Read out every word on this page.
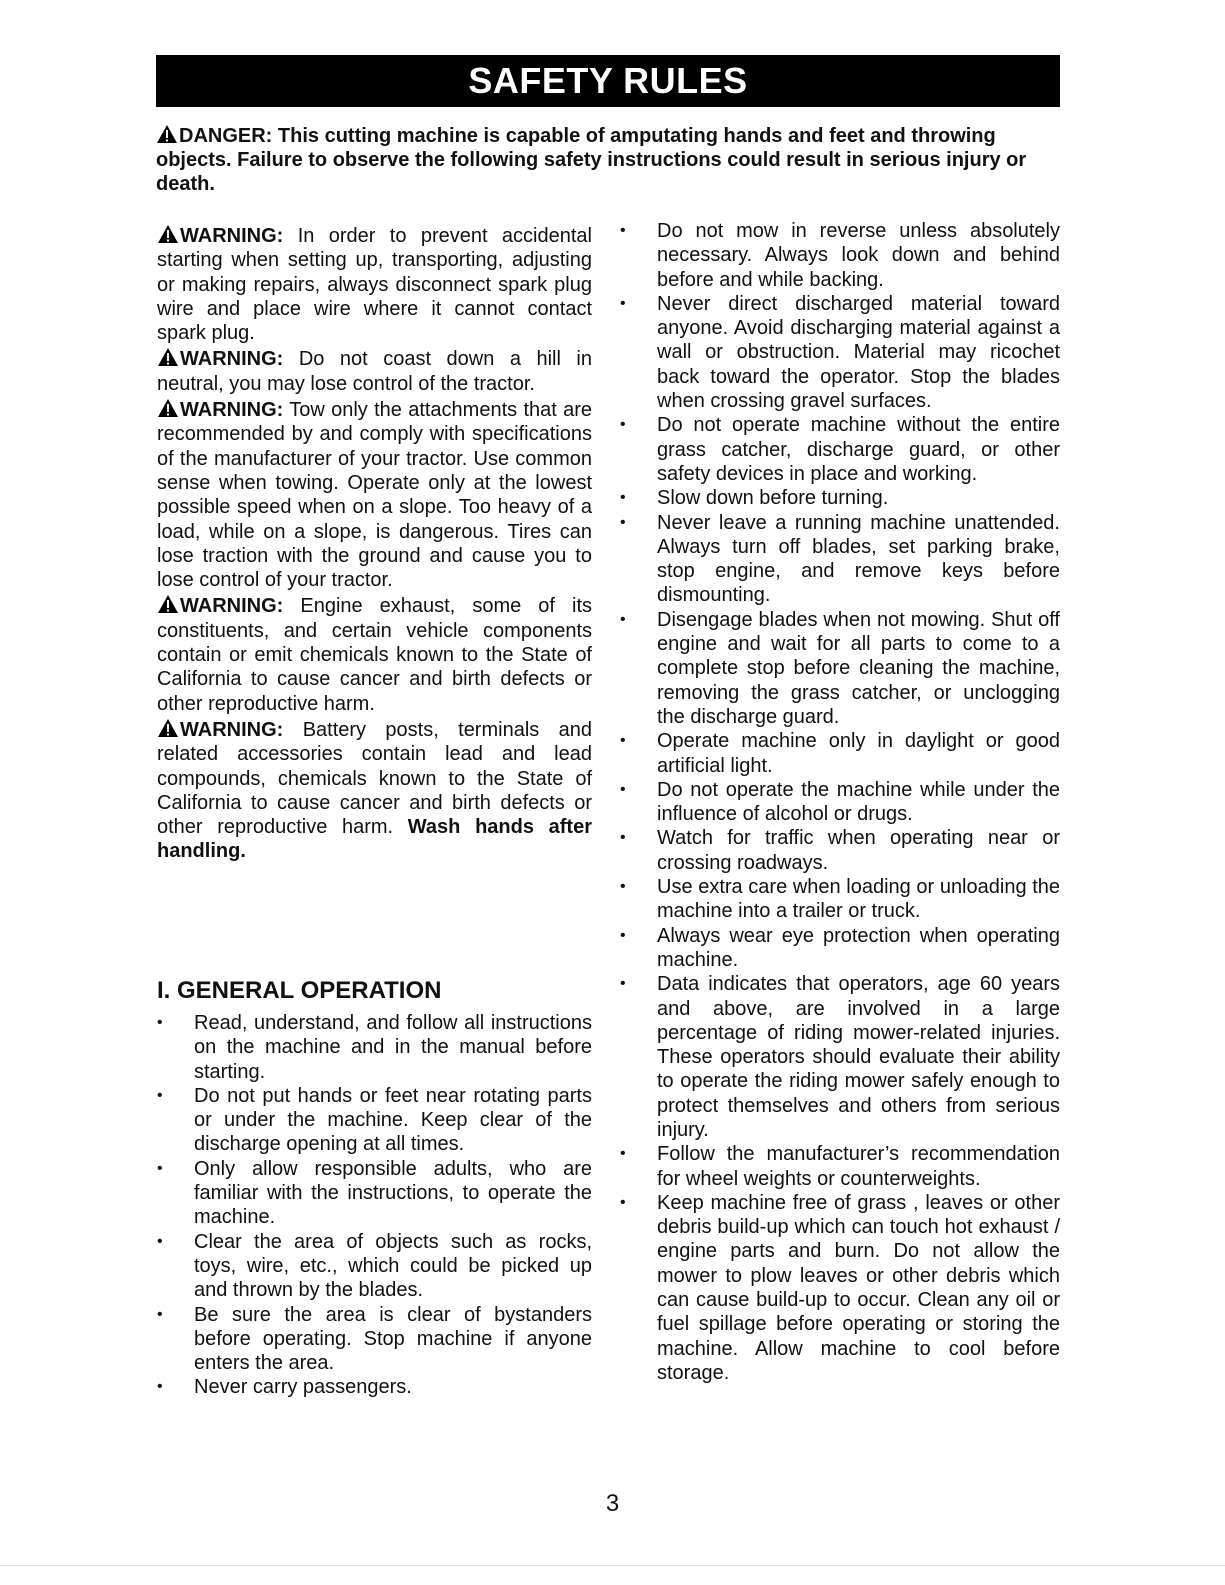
SAFETY RULES
DANGER: This cutting machine is capable of amputating hands and feet and throwing objects. Failure to observe the following safety instructions could result in serious injury or death.

WARNING: In order to prevent accidental starting when setting up, transporting, adjusting or making repairs, always disconnect spark plug wire and place wire where it cannot contact spark plug.

WARNING: Do not coast down a hill in neutral, you may lose control of the tractor.

WARNING: Tow only the attachments that are recommended by and comply with specifications of the manufacturer of your tractor. Use common sense when towing. Operate only at the lowest possible speed when on a slope. Too heavy of a load, while on a slope, is dangerous. Tires can lose traction with the ground and cause you to lose control of your tractor.

WARNING: Engine exhaust, some of its constituents, and certain vehicle components contain or emit chemicals known to the State of California to cause cancer and birth defects or other reproductive harm.

WARNING: Battery posts, terminals and related accessories contain lead and lead compounds, chemicals known to the State of California to cause cancer and birth defects or other reproductive harm. Wash hands after handling.

I. GENERAL OPERATION
• Read, understand, and follow all instructions on the machine and in the manual before starting.
• Do not put hands or feet near rotating parts or under the machine. Keep clear of the discharge opening at all times.
• Only allow responsible adults, who are familiar with the instructions, to operate the machine.
• Clear the area of objects such as rocks, toys, wire, etc., which could be picked up and thrown by the blades.
• Be sure the area is clear of bystanders before operating. Stop machine if anyone enters the area.
• Never carry passengers.
• Do not mow in reverse unless absolutely necessary. Always look down and behind before and while backing.
• Never direct discharged material toward anyone. Avoid discharging material against a wall or obstruction. Material may ricochet back toward the operator. Stop the blades when crossing gravel surfaces.
• Do not operate machine without the entire grass catcher, discharge guard, or other safety devices in place and working.
• Slow down before turning.
• Never leave a running machine unattended. Always turn off blades, set parking brake, stop engine, and remove keys before dismounting.
• Disengage blades when not mowing. Shut off engine and wait for all parts to come to a complete stop before cleaning the machine, removing the grass catcher, or unclogging the discharge guard.
• Operate machine only in daylight or good artificial light.
• Do not operate the machine while under the influence of alcohol or drugs.
• Watch for traffic when operating near or crossing roadways.
• Use extra care when loading or unloading the machine into a trailer or truck.
• Always wear eye protection when operating machine.
• Data indicates that operators, age 60 years and above, are involved in a large percentage of riding mower-related injuries. These operators should evaluate their ability to operate the riding mower safely enough to protect themselves and others from serious injury.
• Follow the manufacturer’s recommendation for wheel weights or counterweights.
• Keep machine free of grass , leaves or other debris build-up which can touch hot exhaust / engine parts and burn. Do not allow the mower to plow leaves or other debris which can cause build-up to occur. Clean any oil or fuel spillage before operating or storing the machine. Allow machine to cool before storage.
3
